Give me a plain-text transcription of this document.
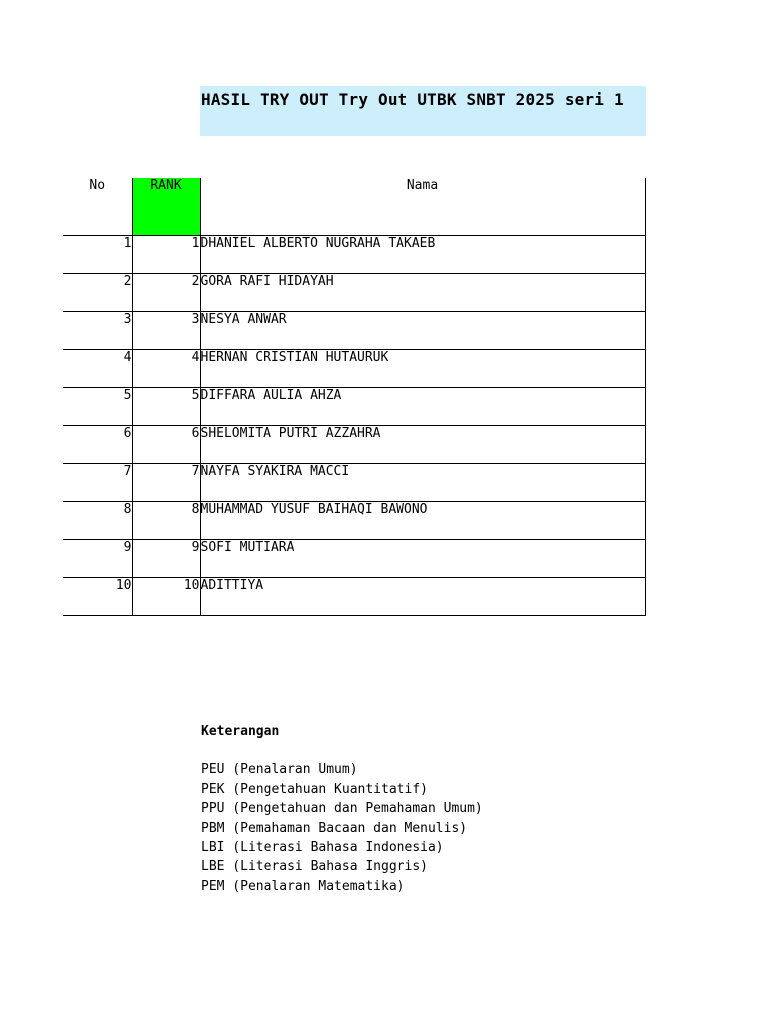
HASIL TRY OUT Try Out UTBK SNBT 2025 seri 1
No	RANK	Nama
1	1	DHANIEL ALBERTO NUGRAHA TAKAEB
2	2	GORA RAFI HIDAYAH
3	3	NESYA ANWAR
4	4	HERNAN CRISTIAN HUTAURUK
5	5	DIFFARA AULIA AHZA
6	6	SHELOMITA PUTRI AZZAHRA
7	7	NAYFA SYAKIRA MACCI
8	8	MUHAMMAD YUSUF BAIHAQI BAWONO
9	9	SOFI MUTIARA
10	10	ADITTIYA
Keterangan
PEU (Penalaran Umum)
PEK (Pengetahuan Kuantitatif)
PPU (Pengetahuan dan Pemahaman Umum)
PBM (Pemahaman Bacaan dan Menulis)
LBI (Literasi Bahasa Indonesia)
LBE (Literasi Bahasa Inggris)
PEM (Penalaran Matematika)
